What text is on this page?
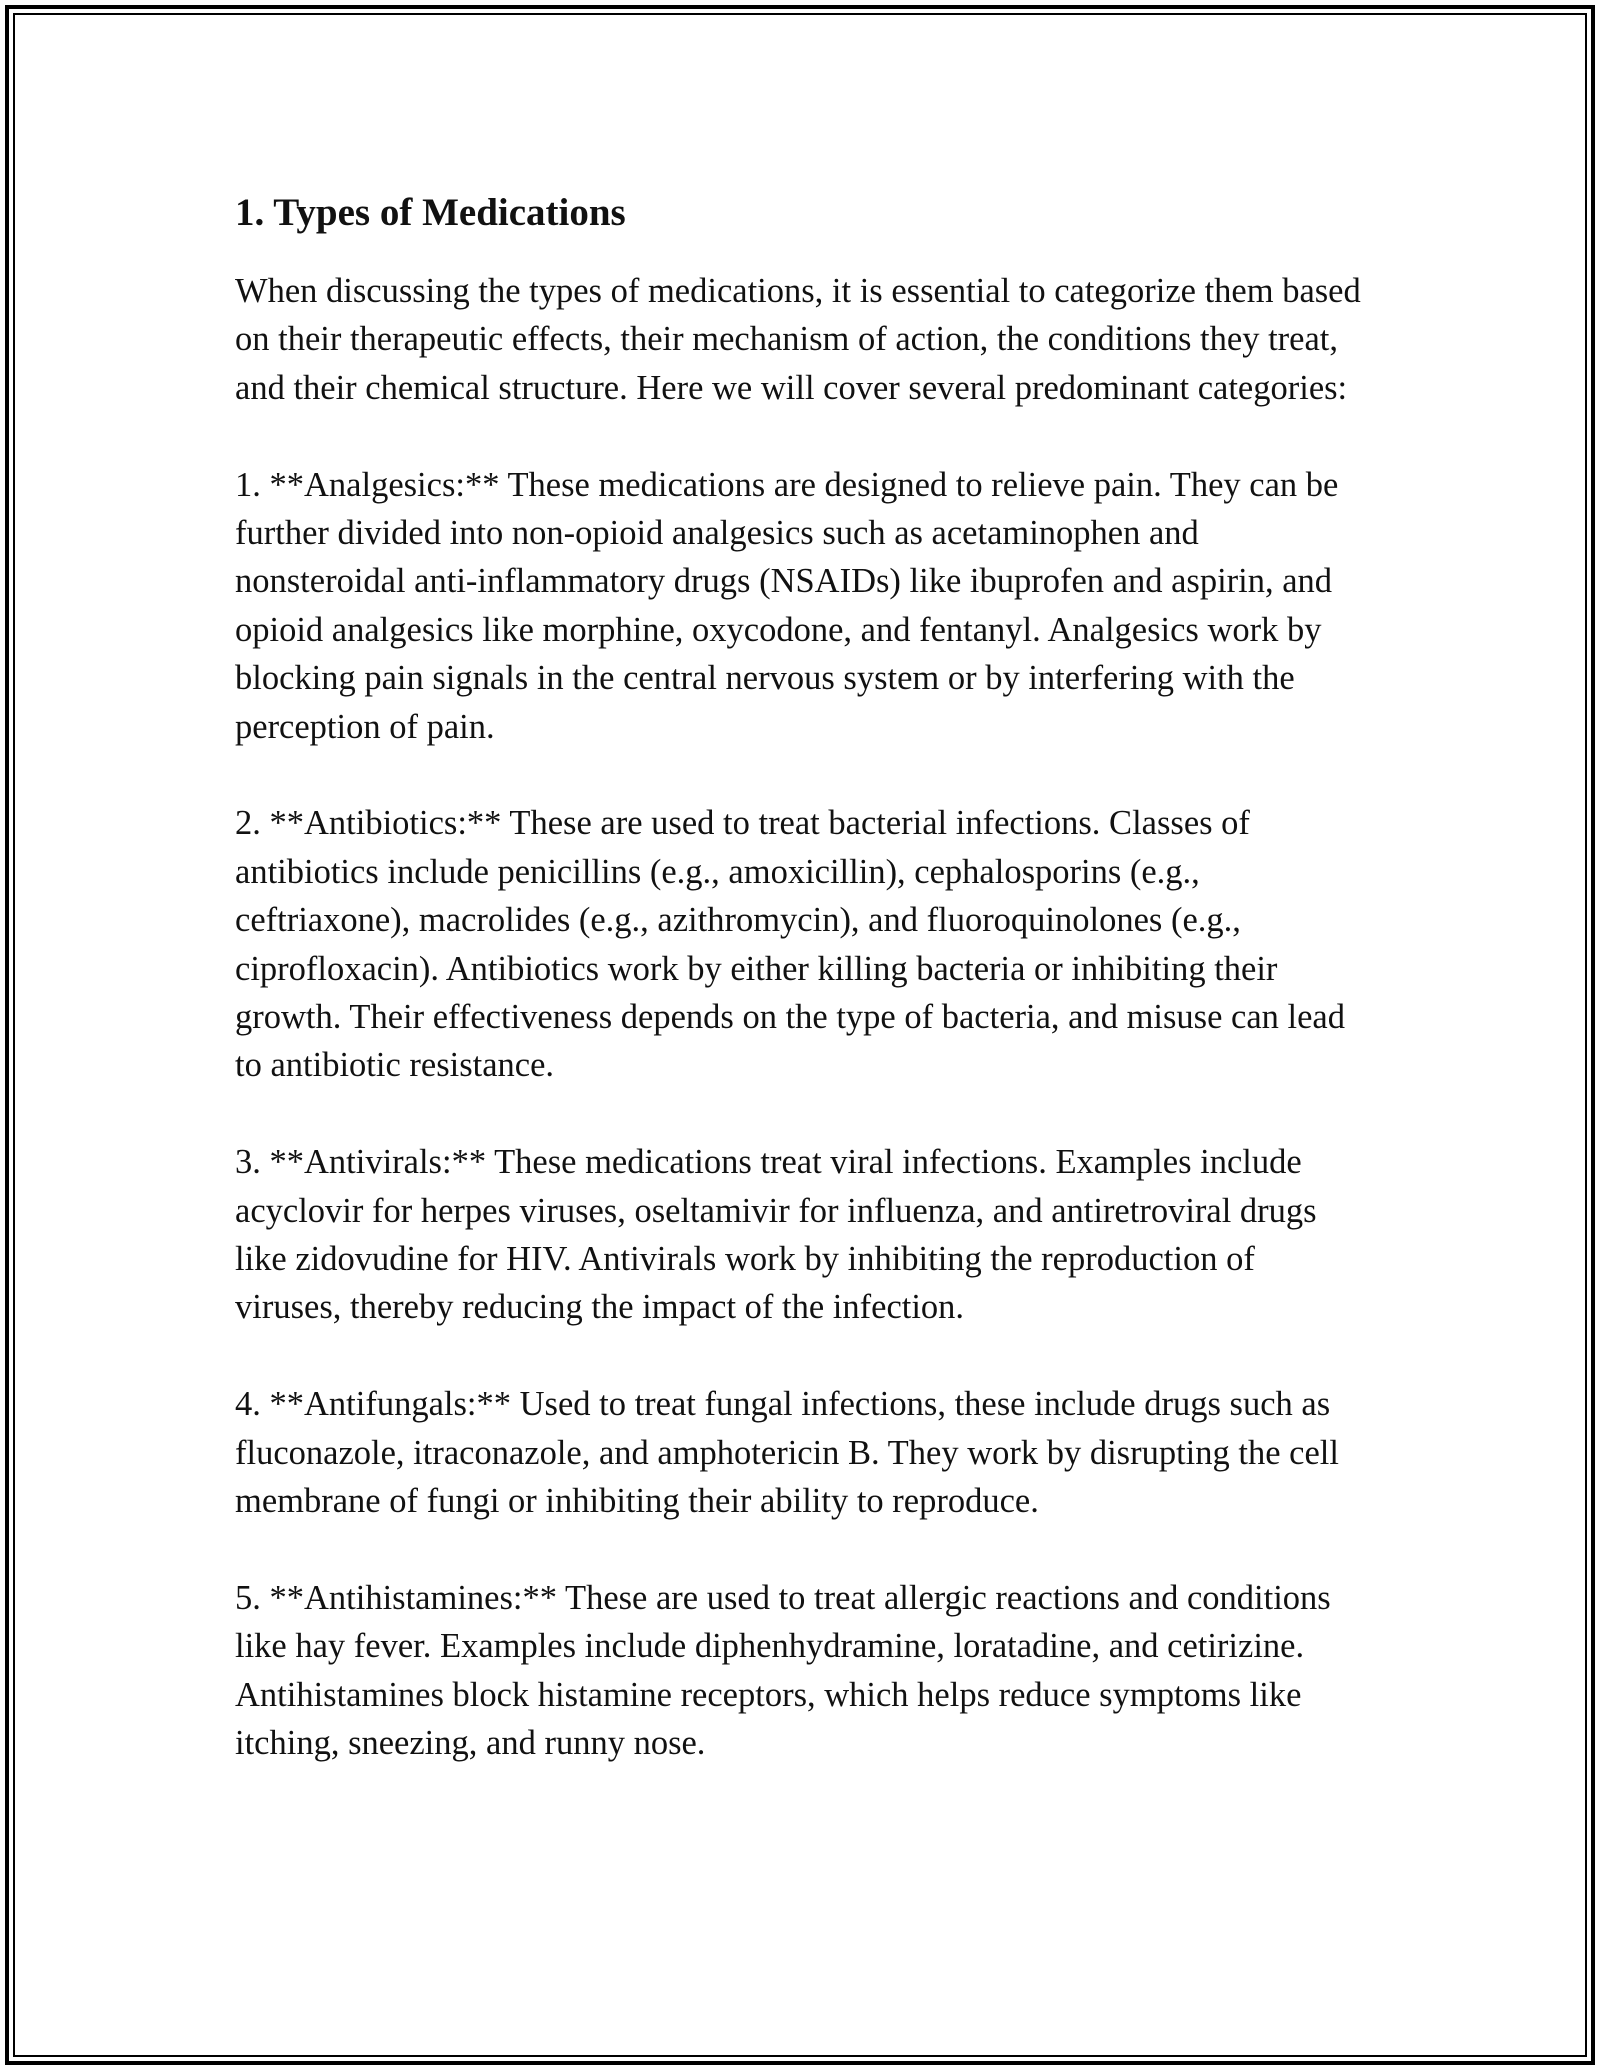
1. Types of Medications

When discussing the types of medications, it is essential to categorize them based on their therapeutic effects, their mechanism of action, the conditions they treat, and their chemical structure. Here we will cover several predominant categories:

1. **Analgesics:** These medications are designed to relieve pain. They can be further divided into non-opioid analgesics such as acetaminophen and nonsteroidal anti-inflammatory drugs (NSAIDs) like ibuprofen and aspirin, and opioid analgesics like morphine, oxycodone, and fentanyl. Analgesics work by blocking pain signals in the central nervous system or by interfering with the perception of pain.

2. **Antibiotics:** These are used to treat bacterial infections. Classes of antibiotics include penicillins (e.g., amoxicillin), cephalosporins (e.g., ceftriaxone), macrolides (e.g., azithromycin), and fluoroquinolones (e.g., ciprofloxacin). Antibiotics work by either killing bacteria or inhibiting their growth. Their effectiveness depends on the type of bacteria, and misuse can lead to antibiotic resistance.

3. **Antivirals:** These medications treat viral infections. Examples include acyclovir for herpes viruses, oseltamivir for influenza, and antiretroviral drugs like zidovudine for HIV. Antivirals work by inhibiting the reproduction of viruses, thereby reducing the impact of the infection.

4. **Antifungals:** Used to treat fungal infections, these include drugs such as fluconazole, itraconazole, and amphotericin B. They work by disrupting the cell membrane of fungi or inhibiting their ability to reproduce.

5. **Antihistamines:** These are used to treat allergic reactions and conditions like hay fever. Examples include diphenhydramine, loratadine, and cetirizine. Antihistamines block histamine receptors, which helps reduce symptoms like itching, sneezing, and runny nose.
